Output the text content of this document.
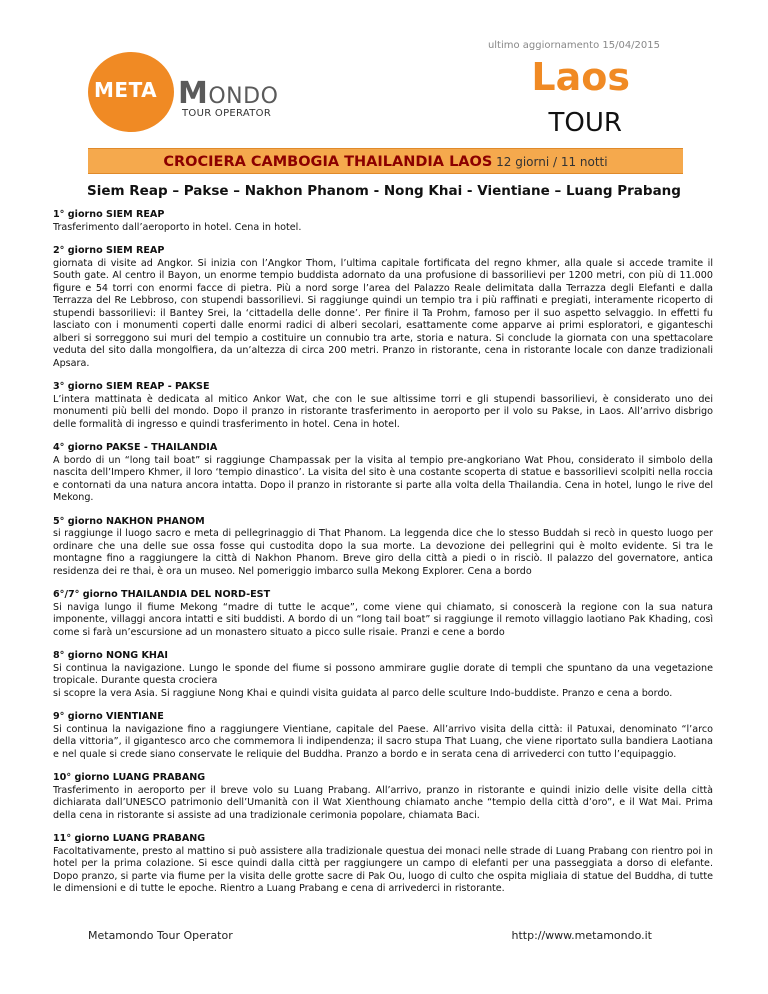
ultimo aggiornamento 15/04/2015
META MONDO
TOUR OPERATOR
Laos
TOUR
CROCIERA CAMBOGIA THAILANDIA LAOS 12 giorni / 11 notti
Siem Reap – Pakse – Nakhon Phanom - Nong Khai - Vientiane – Luang Prabang
1° giorno SIEM REAP
Trasferimento dall’aeroporto in hotel. Cena in hotel.
2° giorno SIEM REAP
giornata di visite ad Angkor. Si inizia con l’Angkor Thom, l’ultima capitale fortificata del regno khmer, alla quale si accede tramite il South gate. Al centro il Bayon, un enorme tempio buddista adornato da una profusione di bassorilievi per 1200 metri, con più di 11.000 figure e 54 torri con enormi facce di pietra. Più a nord sorge l’area del Palazzo Reale delimitata dalla Terrazza degli Elefanti e dalla Terrazza del Re Lebbroso, con stupendi bassorilievi. Si raggiunge quindi un tempio tra i più raffinati e pregiati, interamente ricoperto di stupendi bassorilievi: il Bantey Srei, la ‘cittadella delle donne’. Per finire il Ta Prohm, famoso per il suo aspetto selvaggio. In effetti fu lasciato con i monumenti coperti dalle enormi radici di alberi secolari, esattamente come apparve ai primi esploratori, e giganteschi alberi si sorreggono sui muri del tempio a costituire un connubio tra arte, storia e natura. Si conclude la giornata con una spettacolare veduta del sito dalla mongolfiera, da un’altezza di circa 200 metri. Pranzo in ristorante, cena in ristorante locale con danze tradizionali Apsara.
3° giorno SIEM REAP - PAKSE
L’intera mattinata è dedicata al mitico Ankor Wat, che con le sue altissime torri e gli stupendi bassorilievi, è considerato uno dei monumenti più belli del mondo. Dopo il pranzo in ristorante trasferimento in aeroporto per il volo su Pakse, in Laos. All’arrivo disbrigo delle formalità di ingresso e quindi trasferimento in hotel. Cena in hotel.
4° giorno PAKSE - THAILANDIA
A bordo di un “long tail boat” si raggiunge Champassak per la visita al tempio pre-angkoriano Wat Phou, considerato il simbolo della nascita dell’Impero Khmer, il loro ‘tempio dinastico’. La visita del sito è una costante scoperta di statue e bassorilievi scolpiti nella roccia e contornati da una natura ancora intatta. Dopo il pranzo in ristorante si parte alla volta della Thailandia. Cena in hotel, lungo le rive del Mekong.
5° giorno NAKHON PHANOM
si raggiunge il luogo sacro e meta di pellegrinaggio di That Phanom. La leggenda dice che lo stesso Buddah si recò in questo luogo per ordinare che una delle sue ossa fosse qui custodita dopo la sua morte. La devozione dei pellegrini qui è molto evidente. Si tra le montagne fino a raggiungere la città di Nakhon Phanom. Breve giro della città a piedi o in risciò. Il palazzo del governatore, antica residenza dei re thai, è ora un museo. Nel pomeriggio imbarco sulla Mekong Explorer. Cena a bordo
6°/7° giorno THAILANDIA DEL NORD-EST
Si naviga lungo il fiume Mekong “madre di tutte le acque”, come viene qui chiamato, si conoscerà la regione con la sua natura imponente, villaggi ancora intatti e siti buddisti. A bordo di un “long tail boat” si raggiunge il remoto villaggio laotiano Pak Khading, così come si farà un’escursione ad un monastero situato a picco sulle risaie. Pranzi e cene a bordo
8° giorno NONG KHAI
Si continua la navigazione. Lungo le sponde del fiume si possono ammirare guglie dorate di templi che spuntano da una vegetazione tropicale. Durante questa crociera
si scopre la vera Asia. Si raggiune Nong Khai e quindi visita guidata al parco delle sculture Indo-buddiste. Pranzo e cena a bordo.
9° giorno VIENTIANE
Si continua la navigazione fino a raggiungere Vientiane, capitale del Paese. All’arrivo visita della città: il Patuxai, denominato “l’arco della vittoria”, il gigantesco arco che commemora li indipendenza; il sacro stupa That Luang, che viene riportato sulla bandiera Laotiana e nel quale si crede siano conservate le reliquie del Buddha. Pranzo a bordo e in serata cena di arrivederci con tutto l’equipaggio.
10° giorno LUANG PRABANG
Trasferimento in aeroporto per il breve volo su Luang Prabang. All’arrivo, pranzo in ristorante e quindi inizio delle visite della città dichiarata dall’UNESCO patrimonio dell’Umanità con il Wat Xienthoung chiamato anche “tempio della città d’oro”, e il Wat Mai. Prima della cena in ristorante si assiste ad una tradizionale cerimonia popolare, chiamata Baci.
11° giorno LUANG PRABANG
Facoltativamente, presto al mattino si può assistere alla tradizionale questua dei monaci nelle strade di Luang Prabang con rientro poi in hotel per la prima colazione. Si esce quindi dalla città per raggiungere un campo di elefanti per una passeggiata a dorso di elefante. Dopo pranzo, si parte via fiume per la visita delle grotte sacre di Pak Ou, luogo di culto che ospita migliaia di statue del Buddha, di tutte le dimensioni e di tutte le epoche. Rientro a Luang Prabang e cena di arrivederci in ristorante.
Metamondo Tour Operator	http://www.metamondo.it
